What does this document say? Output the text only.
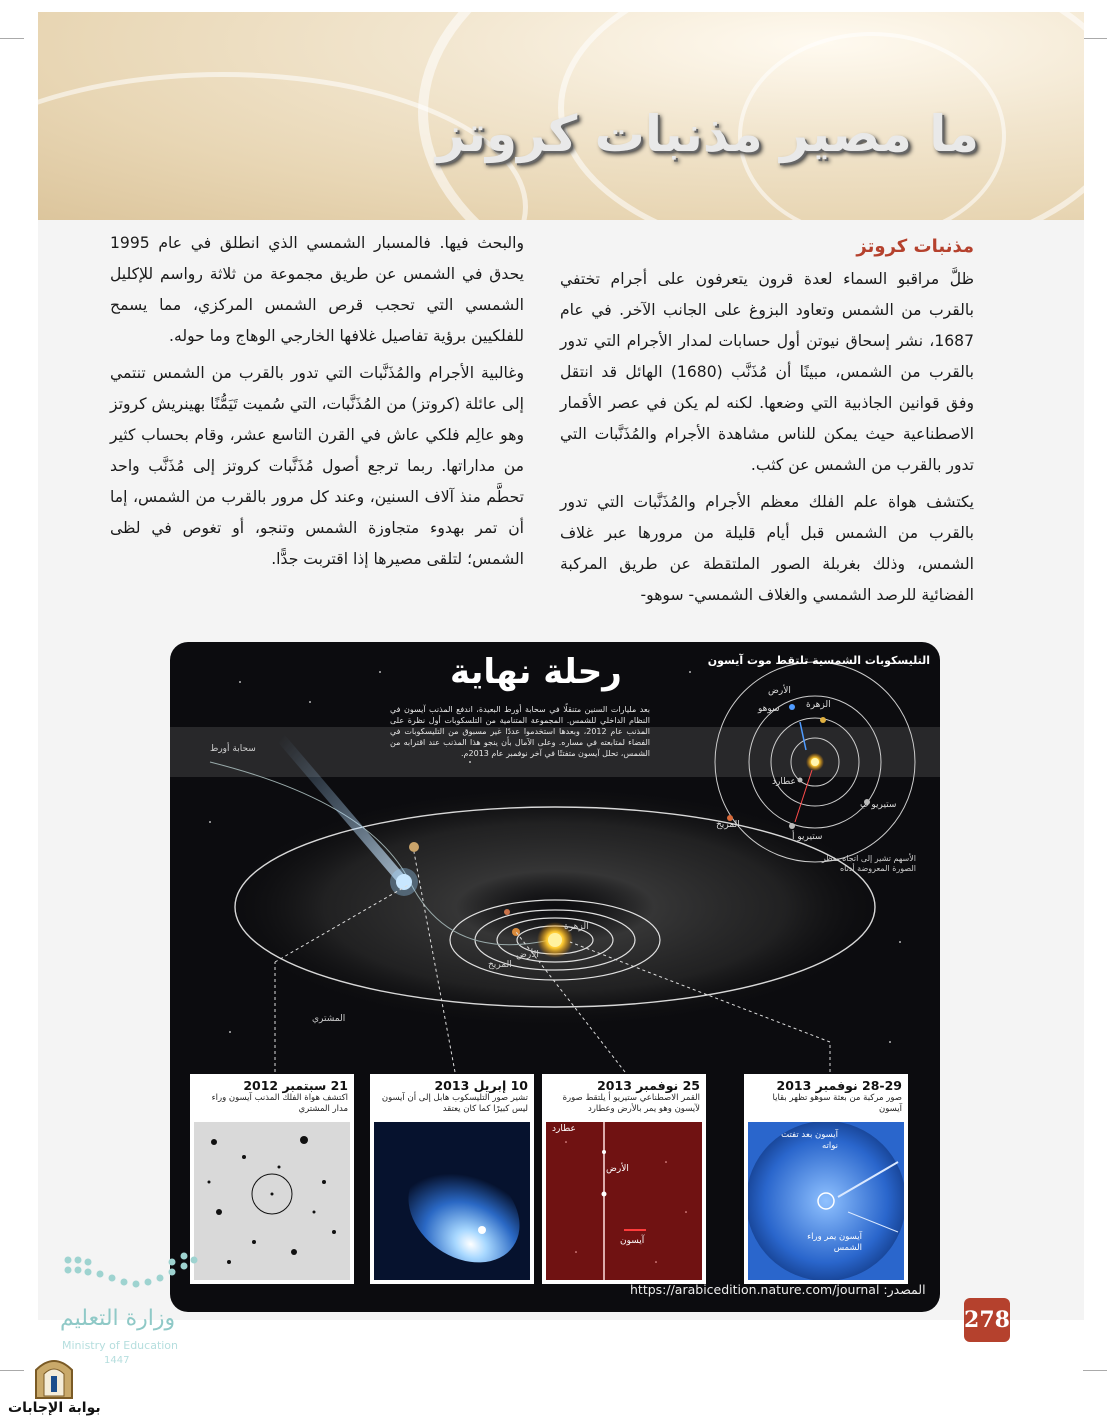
ما مصير مذنبات كروتز
مذنبات كروتز

ظلَّ مراقبو السماء لعدة قرون يتعرفون على أجرام تختفي بالقرب من الشمس وتعاود البزوغ على الجانب الآخر. في عام 1687، نشر إسحاق نيوتن أول حسابات لمدار الأجرام التي تدور بالقرب من الشمس، مبينًا أن مُذَنَّب (1680) الهائل قد انتقل وفق قوانين الجاذبية التي وضعها. لكنه لم يكن في عصر الأقمار الاصطناعية حيث يمكن للناس مشاهدة الأجرام والمُذَنَّبات التي تدور بالقرب من الشمس عن كثب.

يكتشف هواة علم الفلك معظم الأجرام والمُذَنَّبات التي تدور بالقرب من الشمس قبل أيام قليلة من مرورها عبر غلاف الشمس، وذلك بغربلة الصور الملتقطة عن طريق المركبة الفضائية للرصد الشمسي والغلاف الشمسي- سوهو-

والبحث فيها. فالمسبار الشمسي الذي انطلق في عام 1995 يحدق في الشمس عن طريق مجموعة من ثلاثة رواسم للإكليل الشمسي التي تحجب قرص الشمس المركزي، مما يسمح للفلكيين برؤية تفاصيل غلافها الخارجي الوهاج وما حوله.

وغالبية الأجرام والمُذَنَّبات التي تدور بالقرب من الشمس تنتمي إلى عائلة (كروتز) من المُذَنَّبات، التي سُميت تَيَمُّنًا بهينريش كروتز وهو عالِم فلكي عاش في القرن التاسع عشر، وقام بحساب كثير من مداراتها. ربما ترجع أصول مُذَنَّبات كروتز إلى مُذَنَّب واحد تحطَّم منذ آلاف السنين، وعند كل مرور بالقرب من الشمس، إما أن تمر بهدوء متجاوزة الشمس وتنجو، أو تغوص في لظى الشمس؛ لتلقى مصيرها إذا اقتربت جدًّا.

رحلة نهاية
بعد مليارات السنين متنقلًا في سحابة أورط البعيدة، اندفع المذنب آيسون في النظام الداخلي للشمس. المجموعة المتنامية من التلسكوبات أول نظرة على المذنب عام 2012، وبعدها استخدموا عددًا غير مسبوق من التليسكوبات في الفضاء لمتابعته في مساره. وعلى الآمال بأن ينجو هذا المذنب عند اقترابه من الشمس، تحلل آيسون متفتتًا في آخر نوفمبر عام 2013م.
التليسكوبات الشمسية تلتقط موت آيسون
الأرض
سوهو	الزهرة
عطارد
ستيريو ب
ستيريو أ
المريخ
الأسهم تشير إلى اتجاه منظر الصورة المعروضة أدناه
سحابة أورط
المشتري
المريخ
الأرض
الزهرة
21 سبتمبر 2012
اكتشف هواة الفلك المذنب آيسون وراء مدار المشتري
10 إبريل 2013
تشير صور التليسكوب هابل إلى أن آيسون ليس كبيرًا كما كان يعتقد
25 نوفمبر 2013
القمر الاصطناعي ستيريو أ يلتقط صورة لآيسون وهو يمر بالأرض وعطارد
عطارد
الأرض
آيسون
28-29 نوفمبر 2013
صور مركبة من بعثة سوهو تظهر بقايا آيسون
آيسون بعد تفتت نواته
آيسون يمر وراء الشمس
المصدر: https://arabicedition.nature.com/journal
278
وزارة التعليم
Ministry of Education
1447
بوابة الإجابات
